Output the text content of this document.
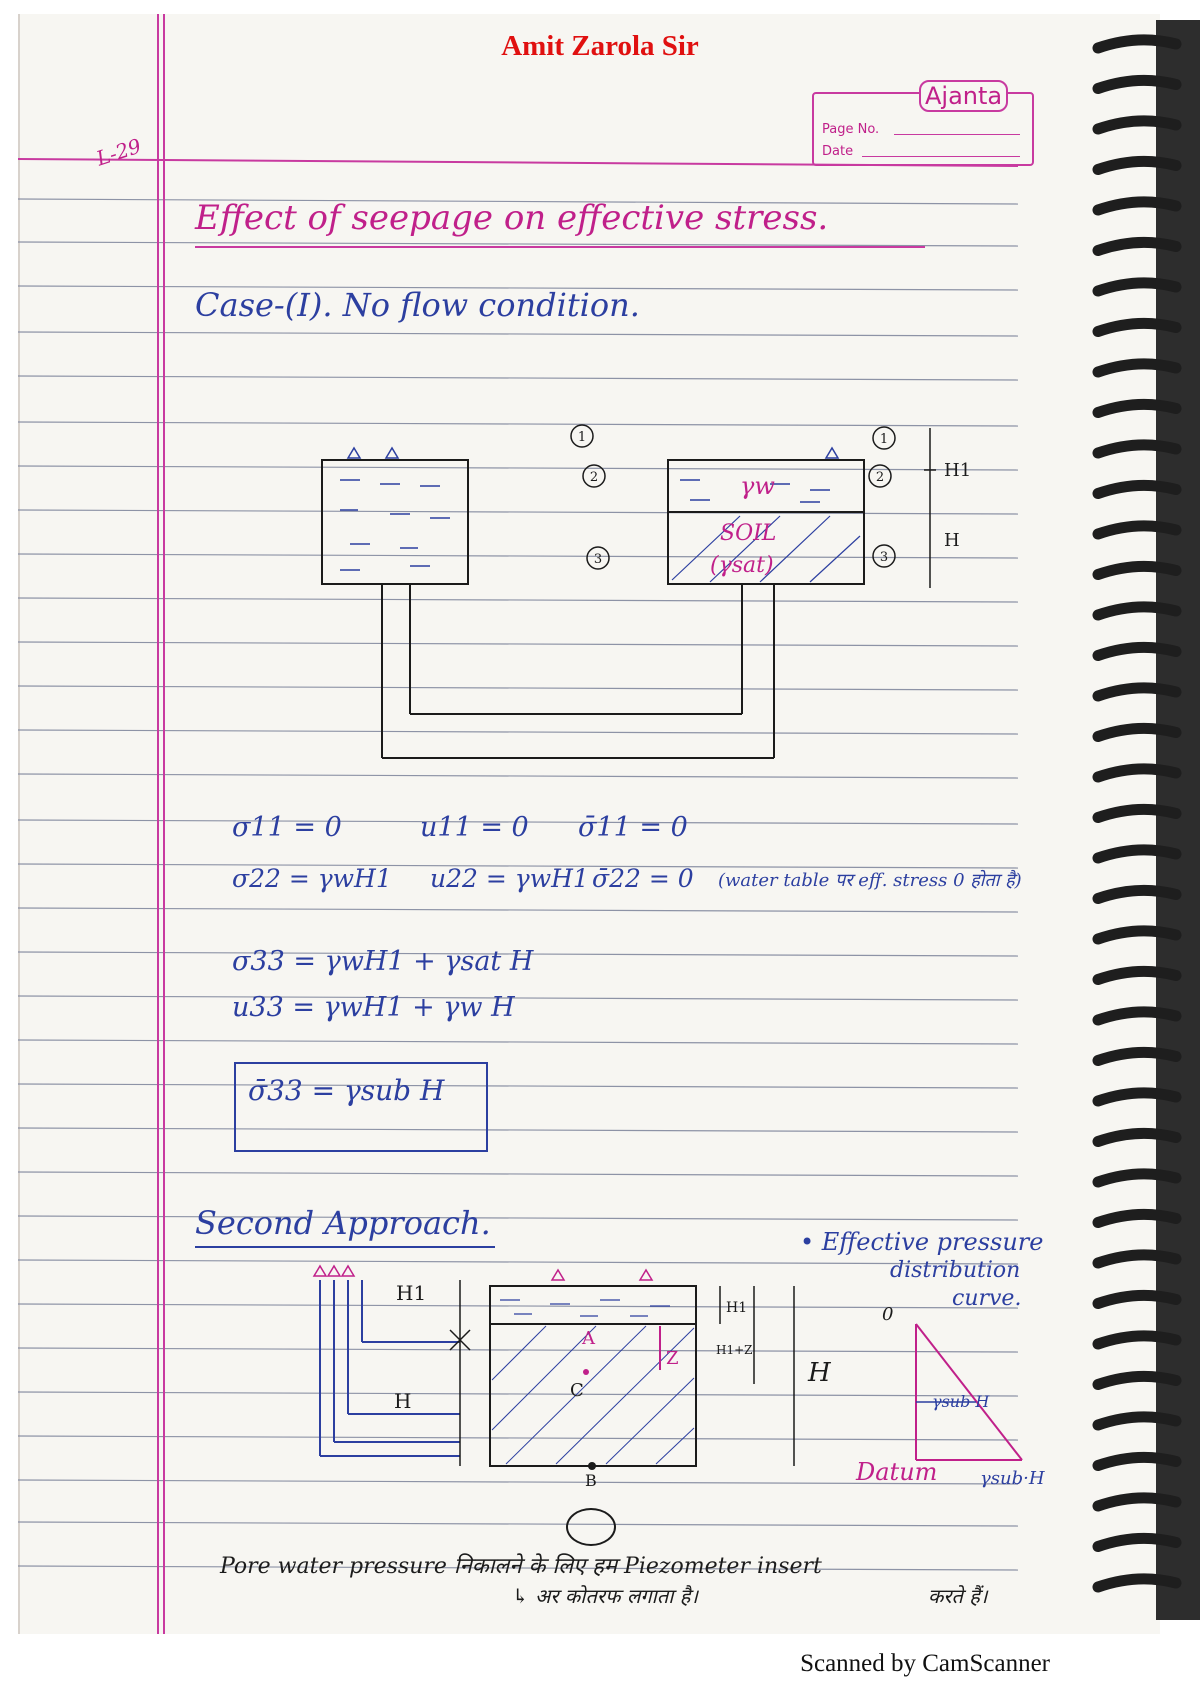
Amit Zarola Sir
L-29
Ajanta
Page No.
Date
Effect of seepage on effective stress.
Case-(I). No flow condition.
1
2
3
1
2
3
γw
SOIL
(γsat)
H1
H
σ11 = 0	u11 = 0 σ̄11 = 0
σ22 = γwH1 u22 = γwH1 σ̄22 = 0 (water table पर eff. stress 0 होता है)
σ33 = γwH1 + γsat H
u33 = γwH1 + γw H
σ̄33 = γsub H
Second Approach.
H1
H
A
C
B
Z
H1
H1+Z
H
• Effective pressure
distribution
curve.
0
γsub H
Datum γsub·H
Pore water pressure निकालने के लिए हम Piezometer insert
↳ अर कोतरफ लगाता है।	करते हैं।
Scanned by CamScanner
